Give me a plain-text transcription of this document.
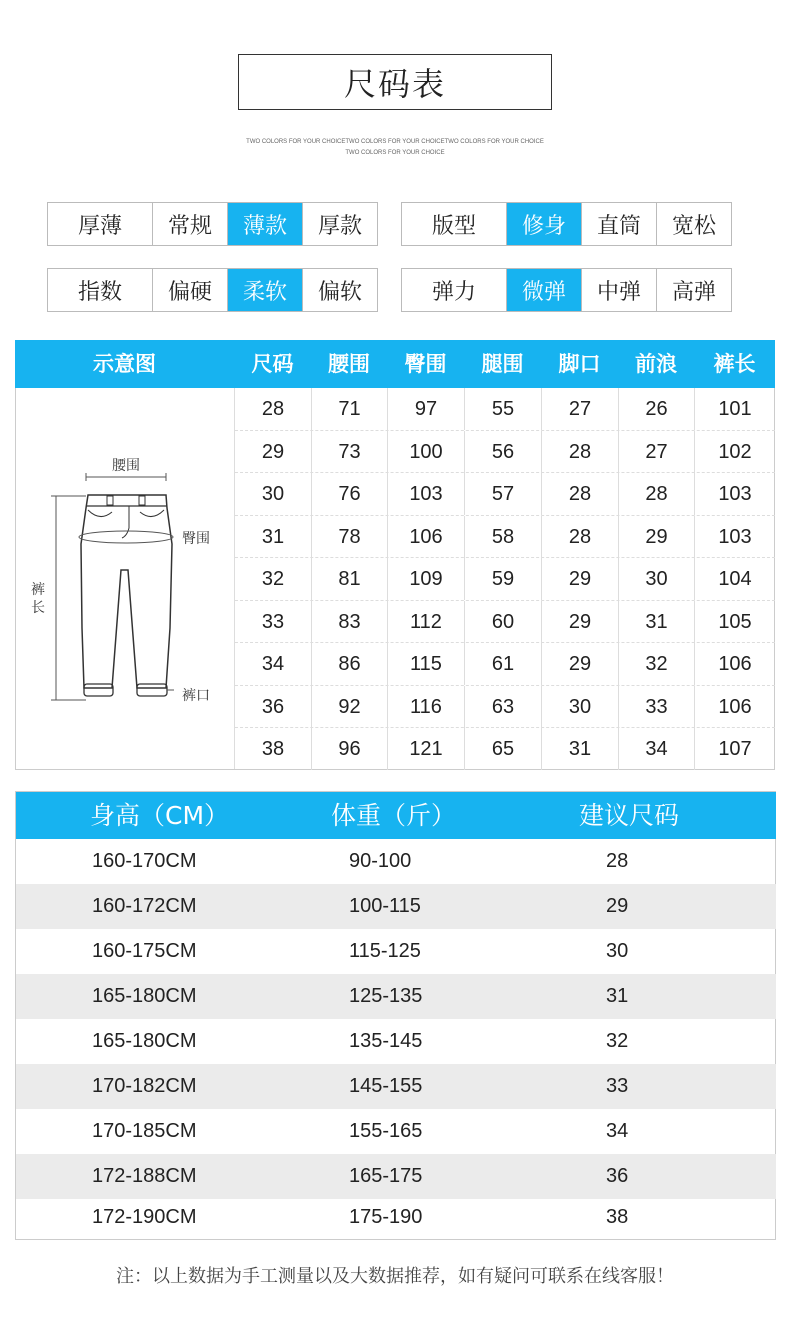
尺码表
TWO COLORS FOR YOUR CHOICETWO COLORS FOR YOUR CHOICETWO COLORS FOR YOUR CHOICE
TWO COLORS FOR YOUR CHOICE
厚薄	常规	薄款	厚款	版型	修身	直筒	宽松
指数	偏硬	柔软	偏软	弹力	微弹	中弹	高弹
示意图	尺码	腰围	臀围	腿围	脚口	前浪	裤长
腰围
裤
长
臀围
裤口
28	71	97	55	27	26	101
29	73	100	56	28	27	102
30	76	103	57	28	28	103
31	78	106	58	28	29	103
32	81	109	59	29	30	104
33	83	112	60	29	31	105
34	86	115	61	29	32	106
36	92	116	63	30	33	106
38	96	121	65	31	34	107
身高（CM）	体重（斤）	建议尺码
160-170CM	90-100	28
160-172CM	100-115	29
160-175CM	115-125	30
165-180CM	125-135	31
165-180CM	135-145	32
170-182CM	145-155	33
170-185CM	155-165	34
172-188CM	165-175	36
172-190CM	175-190	38
注：以上数据为手工测量以及大数据推荐，如有疑问可联系在线客服！
